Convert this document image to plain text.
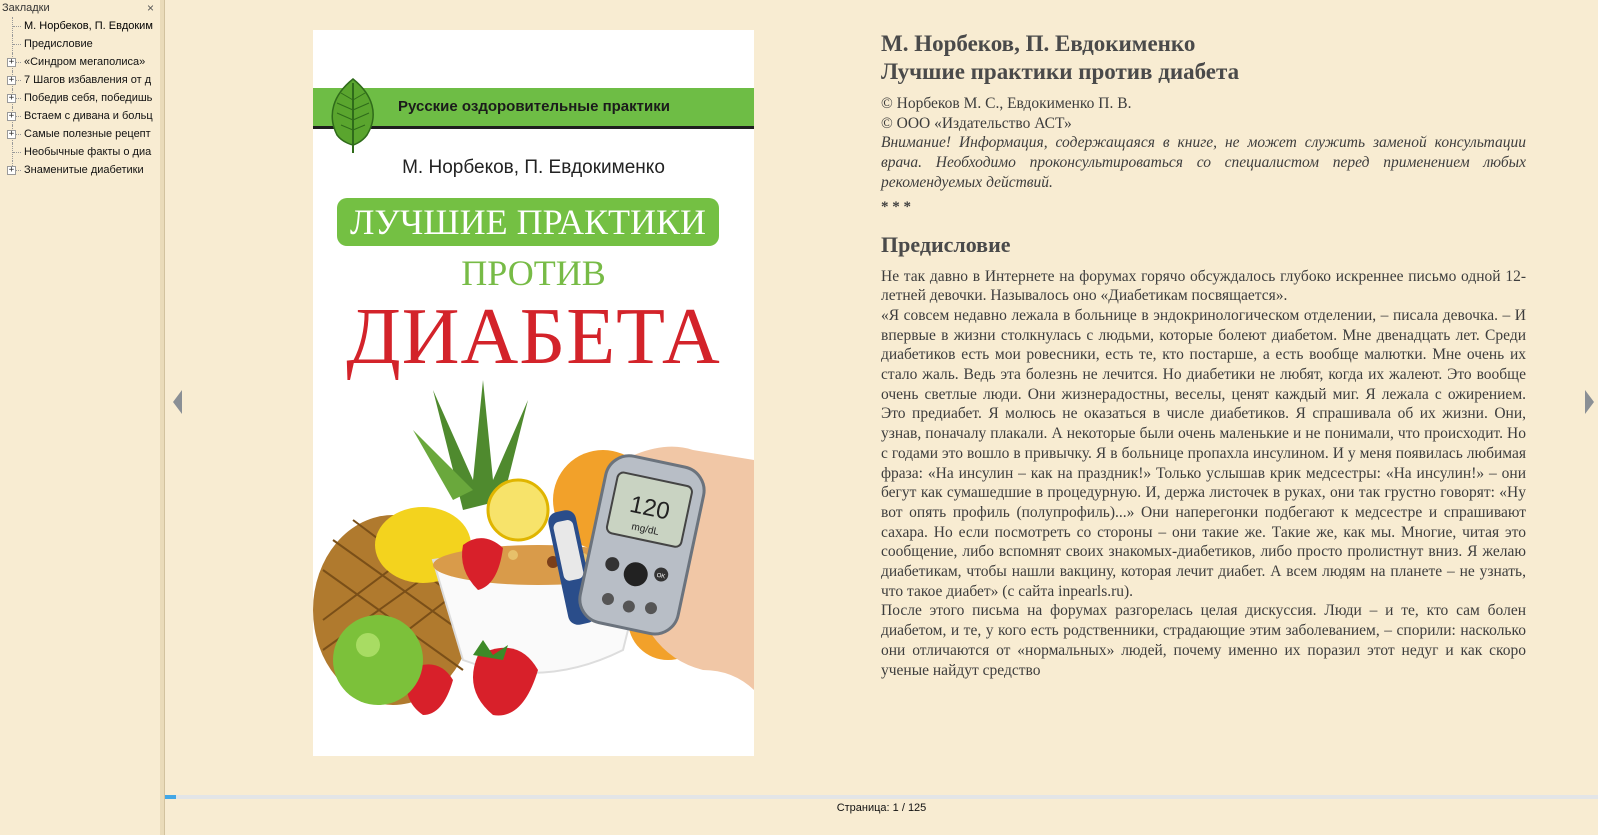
Закладки	×
М. Норбеков, П. Евдоким
Предисловие
+ «Синдром мегаполиса»
+ 7 Шагов избавления от д
+ Победив себя, победишь
+ Встаем с дивана и больц
+ Самые полезные рецепт
Необычные факты о диа
+ Знаменитые диабетики
Русские оздоровительные практики
М. Норбеков, П. Евдокименко
ЛУЧШИЕ ПРАКТИКИ
ПРОТИВ
ДИАБЕТА
120
mg/dL
OK
М. Норбеков, П. Евдокименко
Лучшие практики против диабета

© Норбеков М. С., Евдокименко П. В.

© ООО «Издательство АСТ»

Внимание! Информация, содержащаяся в книге, не может служить заменой консультации врача. Необходимо проконсультироваться со специалистом перед применением любых рекомендуемых действий.

* * *
Предисловие

Не так давно в Интернете на форумах горячо обсуждалось глубоко искреннее письмо одной 12-летней девочки. Называлось оно «Диабетикам посвящается».

«Я совсем недавно лежала в больнице в эндокринологическом отделении, – писала девочка. – И впервые в жизни столкнулась с людьми, которые болеют диабетом. Мне двенадцать лет. Среди диабетиков есть мои ровесники, есть те, кто постарше, а есть вообще малютки. Мне очень их стало жаль. Ведь эта болезнь не лечится. Но диабетики не любят, когда их жалеют. Это вообще очень светлые люди. Они жизнерадостны, веселы, ценят каждый миг. Я лежала с ожирением. Это предиабет. Я молюсь не оказаться в числе диабетиков. Я спрашивала об их жизни. Они, узнав, поначалу плакали. А некоторые были очень маленькие и не понимали, что происходит. Но с годами это вошло в привычку. Я в больнице пропахла инсулином. И у меня появилась любимая фраза: «На инсулин – как на праздник!» Только услышав крик медсестры: «На инсулин!» – они бегут как сумашедшие в процедурную. И, держа листочек в руках, они так грустно говорят: «Ну вот опять профиль (полупрофиль)...» Они наперегонки подбегают к медсестре и спрашивают сахара. Но если посмотреть со стороны – они такие же. Такие же, как мы. Многие, читая это сообщение, либо вспомнят своих знакомых-диабетиков, либо просто пролистнут вниз. Я желаю диабетикам, чтобы нашли вакцину, которая лечит диабет. А всем людям на планете – не узнать, что такое диабет» (с сайта inpearls.ru).

После этого письма на форумах разгорелась целая дискуссия. Люди – и те, кто сам болен диабетом, и те, у кого есть родственники, страдающие этим заболеванием, – спорили: насколько они отличаются от «нормальных» людей, почему именно их поразил этот недуг и как скоро ученые найдут средство

Страница: 1 / 125
